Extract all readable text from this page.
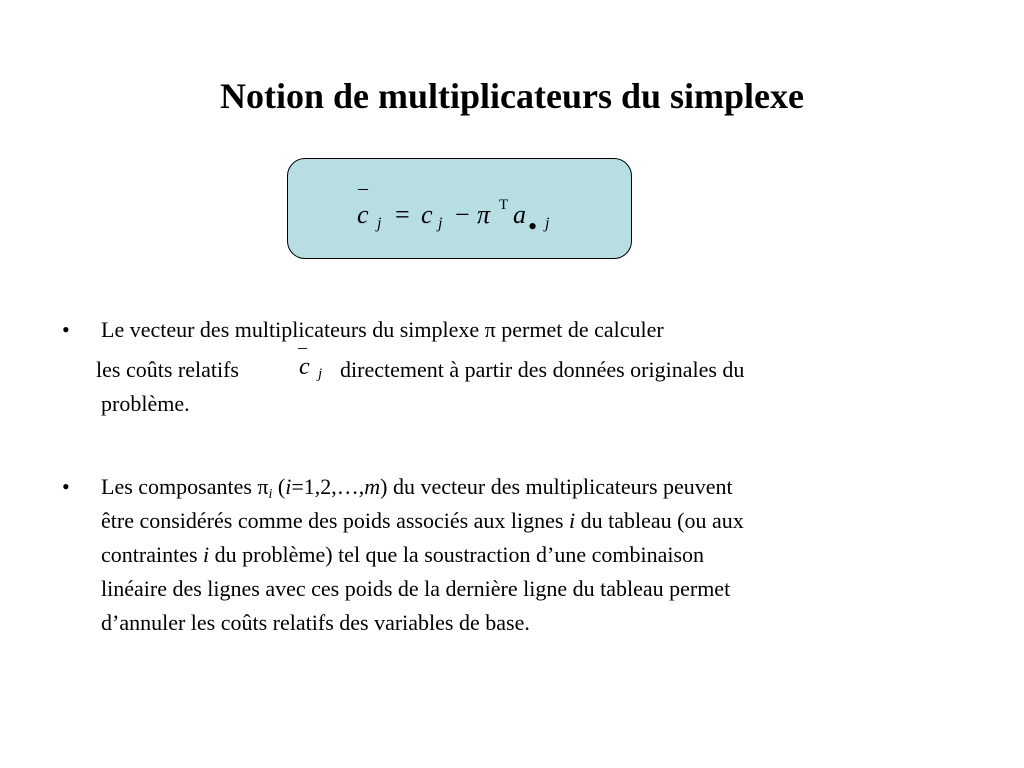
Notion de multiplicateurs du simplexe
–
c j = c j − π T a • j
• Le vecteur des multiplicateurs du simplexe π permet de calculer
les coûts relatifs
–
c j directement à partir des données originales du
problème.
• Les composantes $\pi_i$ (i=1,2,…,m) du vecteur des multiplicateurs peuvent
être considérés comme des poids associés aux lignes i du tableau (ou aux
contraintes i du problème) tel que la soustraction d’une combinaison
linéaire des lignes avec ces poids de la dernière ligne du tableau permet
d’annuler les coûts relatifs des variables de base.
